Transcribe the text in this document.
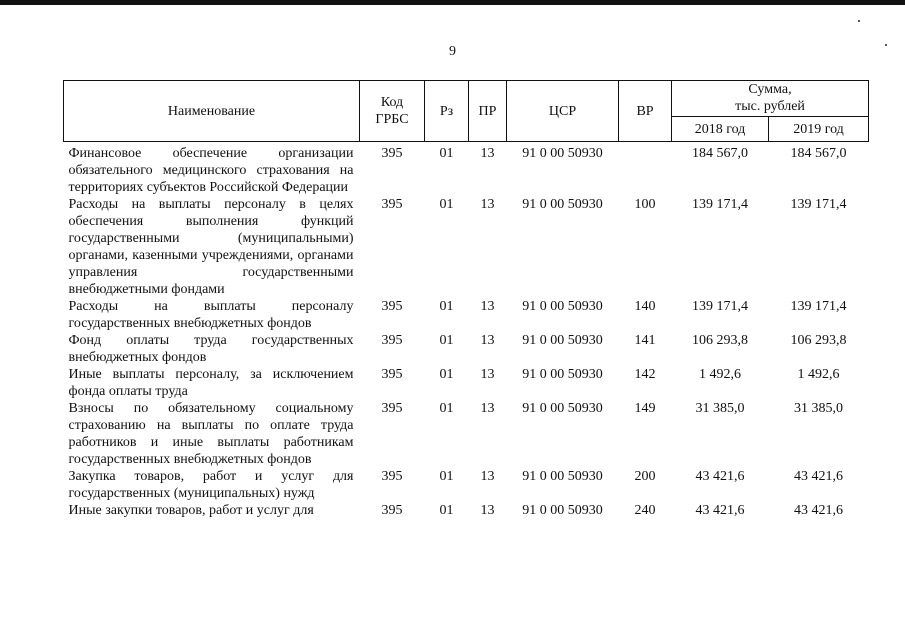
9
Наименование	Код ГРБС	Рз	ПР	ЦСР	ВР	Сумма,
тыс. рублей	

						2018 год	2019 год
Финансовое обеспечение организации обязательного медицинского страхования на территориях субъектов Российской Федерации	395	01	13	91 0 00 50930		184 567,0	184 567,0
Расходы на выплаты персоналу в целях обеспечения выполнения функций государственными (муниципальными) органами, казенными учреждениями, органами управления государственными внебюджетными фондами	395	01	13	91 0 00 50930	100	139 171,4	139 171,4
Расходы на выплаты персоналу государственных внебюджетных фондов	395	01	13	91 0 00 50930	140	139 171,4	139 171,4
Фонд оплаты труда государственных внебюджетных фондов	395	01	13	91 0 00 50930	141	106 293,8	106 293,8
Иные выплаты персоналу, за исключением фонда оплаты труда	395	01	13	91 0 00 50930	142	1 492,6	1 492,6
Взносы по обязательному социальному страхованию на выплаты по оплате труда работников и иные выплаты работникам государственных внебюджетных фондов	395	01	13	91 0 00 50930	149	31 385,0	31 385,0
Закупка товаров, работ и услуг для государственных (муниципальных) нужд	395	01	13	91 0 00 50930	200	43 421,6	43 421,6
Иные закупки товаров, работ и услуг для	395	01	13	91 0 00 50930	240	43 421,6	43 421,6
